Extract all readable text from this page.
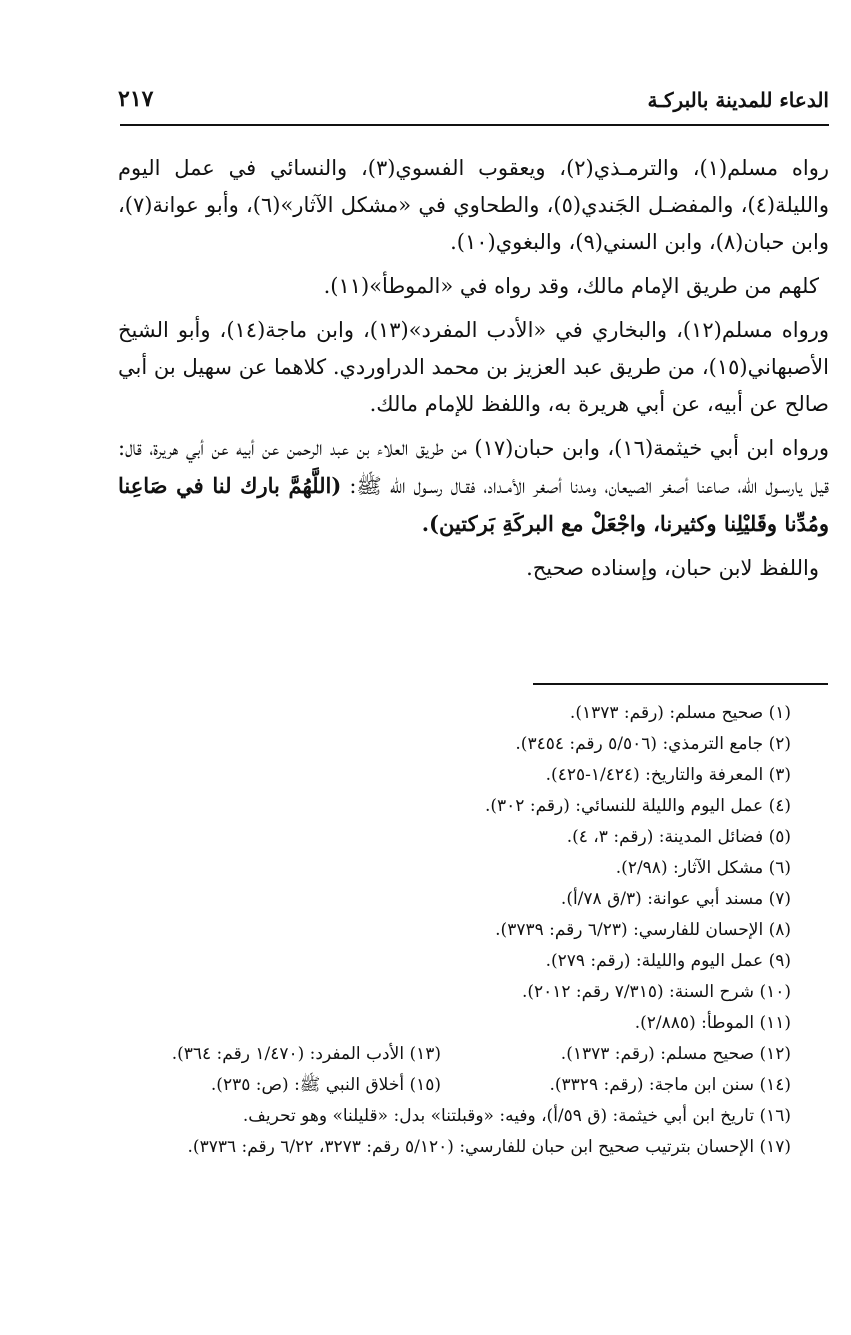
الدعاء للمدينة بالبركـة
٢١٧

رواه مسلم(١)، والترمـذي(٢)، ويعقوب الفسوي(٣)، والنسائي في عمل اليوم والليلة(٤)، والمفضـل الجَندي(٥)، والطحاوي في «مشكل الآثار»(٦)، وأبو عوانة(٧)، وابن حبان(٨)، وابن السني(٩)، والبغوي(١٠).

كلهم من طريق الإمام مالك، وقد رواه في «الموطأ»(١١).

ورواه مسلم(١٢)، والبخاري في «الأدب المفرد»(١٣)، وابن ماجة(١٤)، وأبو الشيخ الأصبهاني(١٥)، من طريق عبد العزيز بن محمد الدراوردي. كلاهما عن سهيل بن أبي صالح عن أبيه، عن أبي هريرة به، واللفظ للإمام مالك.

ورواه ابن أبي خيثمة(١٦)، وابن حبان(١٧) من طريق العلاء بن عبد الرحمن عن أبيه عن أبي هريرة، قال: قيل يارسـول الله، صاعنا أصغر الصيعان، ومدنا أصغر الأمـداد، فقـال رسـول الله ﷺ: (اللَّهُمَّ بارك لنا في صَاعِنا ومُدِّنا وقَليْلِنا وكثيرنا، واجْعَلْ مع البركَةِ بَركتين).

واللفظ لابن حبان، وإسناده صحيح.

(١) صحيح مسلم: (رقم: ١٣٧٣).
(٢) جامع الترمذي: (٥/٥٠٦ رقم: ٣٤٥٤).
(٣) المعرفة والتاريخ: (١/٤٢٤-٤٢٥).
(٤) عمل اليوم والليلة للنسائي: (رقم: ٣٠٢).
(٥) فضائل المدينة: (رقم: ٣، ٤).
(٦) مشكل الآثار: (٢/٩٨).
(٧) مسند أبي عوانة: (٣/ق ٧٨/أ).
(٨) الإحسان للفارسي: (٦/٢٣ رقم: ٣٧٣٩).
(٩) عمل اليوم والليلة: (رقم: ٢٧٩).
(١٠) شرح السنة: (٧/٣١٥ رقم: ٢٠١٢).
(١١) الموطأ: (٢/٨٨٥).
(١٢) صحيح مسلم: (رقم: ١٣٧٣).
(١٣) الأدب المفرد: (١/٤٧٠ رقم: ٣٦٤).
(١٤) سنن ابن ماجة: (رقم: ٣٣٢٩).
(١٥) أخلاق النبي ﷺ: (ص: ٢٣٥).
(١٦) تاريخ ابن أبي خيثمة: (ق ٥٩/أ)، وفيه: «وقبلتنا» بدل: «قليلنا» وهو تحريف.
(١٧) الإحسان بترتيب صحيح ابن حبان للفارسي: (٥/١٢٠ رقم: ٣٢٧٣، ٦/٢٢ رقم: ٣٧٣٦).
